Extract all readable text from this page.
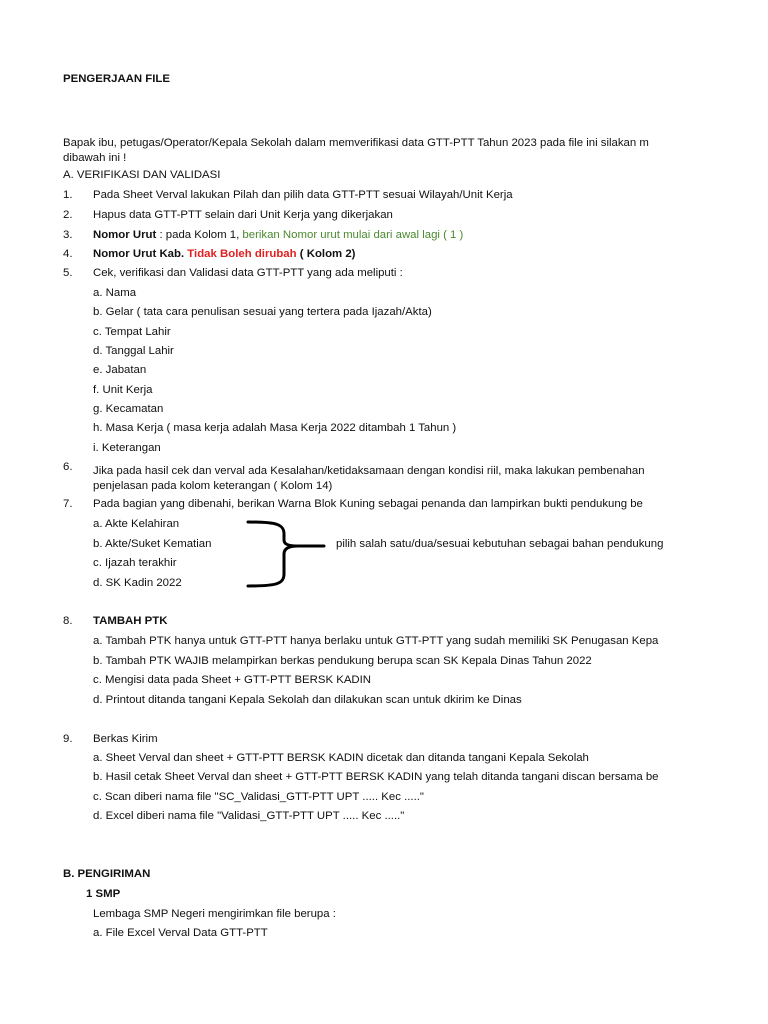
PENGERJAAN FILE
Bapak ibu, petugas/Operator/Kepala Sekolah dalam memverifikasi data GTT-PTT Tahun 2023 pada file ini silakan m
dibawah ini !
A. VERIFIKASI DAN VALIDASI
1. Pada Sheet Verval lakukan Pilah dan pilih data GTT-PTT sesuai Wilayah/Unit Kerja
2. Hapus data GTT-PTT selain dari Unit Kerja yang dikerjakan
3. Nomor Urut : pada Kolom 1, berikan Nomor urut mulai dari awal lagi ( 1 )
4. Nomor Urut Kab. Tidak Boleh dirubah ( Kolom 2)
5. Cek, verifikasi dan Validasi data GTT-PTT yang ada meliputi :
a. Nama
b. Gelar ( tata cara penulisan sesuai yang tertera pada Ijazah/Akta)
c. Tempat Lahir
d. Tanggal Lahir
e. Jabatan
f. Unit Kerja
g. Kecamatan
h. Masa Kerja ( masa kerja adalah Masa Kerja 2022 ditambah 1 Tahun )
i. Keterangan
6. Jika pada hasil cek dan verval ada Kesalahan/ketidaksamaan dengan kondisi riil, maka lakukan pembenahan
penjelasan pada kolom keterangan ( Kolom 14)
7. Pada bagian yang dibenahi, berikan Warna Blok Kuning sebagai penanda dan lampirkan bukti pendukung be
a. Akte Kelahiran
b. Akte/Suket Kematian
c. Ijazah terakhir
d. SK Kadin 2022
pilih salah satu/dua/sesuai kebutuhan sebagai bahan pendukung
8. TAMBAH PTK
a. Tambah PTK hanya untuk GTT-PTT hanya berlaku untuk GTT-PTT yang sudah memiliki SK Penugasan Kepa
b. Tambah PTK WAJIB melampirkan berkas pendukung berupa scan SK Kepala Dinas Tahun 2022
c. Mengisi data pada Sheet + GTT-PTT BERSK KADIN
d. Printout ditanda tangani Kepala Sekolah dan dilakukan scan untuk dkirim ke Dinas
9. Berkas Kirim
a. Sheet Verval dan sheet + GTT-PTT BERSK KADIN dicetak dan ditanda tangani Kepala Sekolah
b. Hasil cetak Sheet Verval dan sheet + GTT-PTT BERSK KADIN yang telah ditanda tangani discan bersama be
c. Scan diberi nama file "SC_Validasi_GTT-PTT UPT ..... Kec ....."
d. Excel diberi nama file "Validasi_GTT-PTT UPT ..... Kec ....."
B. PENGIRIMAN
1 SMP
Lembaga SMP Negeri mengirimkan file berupa :
a. File Excel Verval Data GTT-PTT
